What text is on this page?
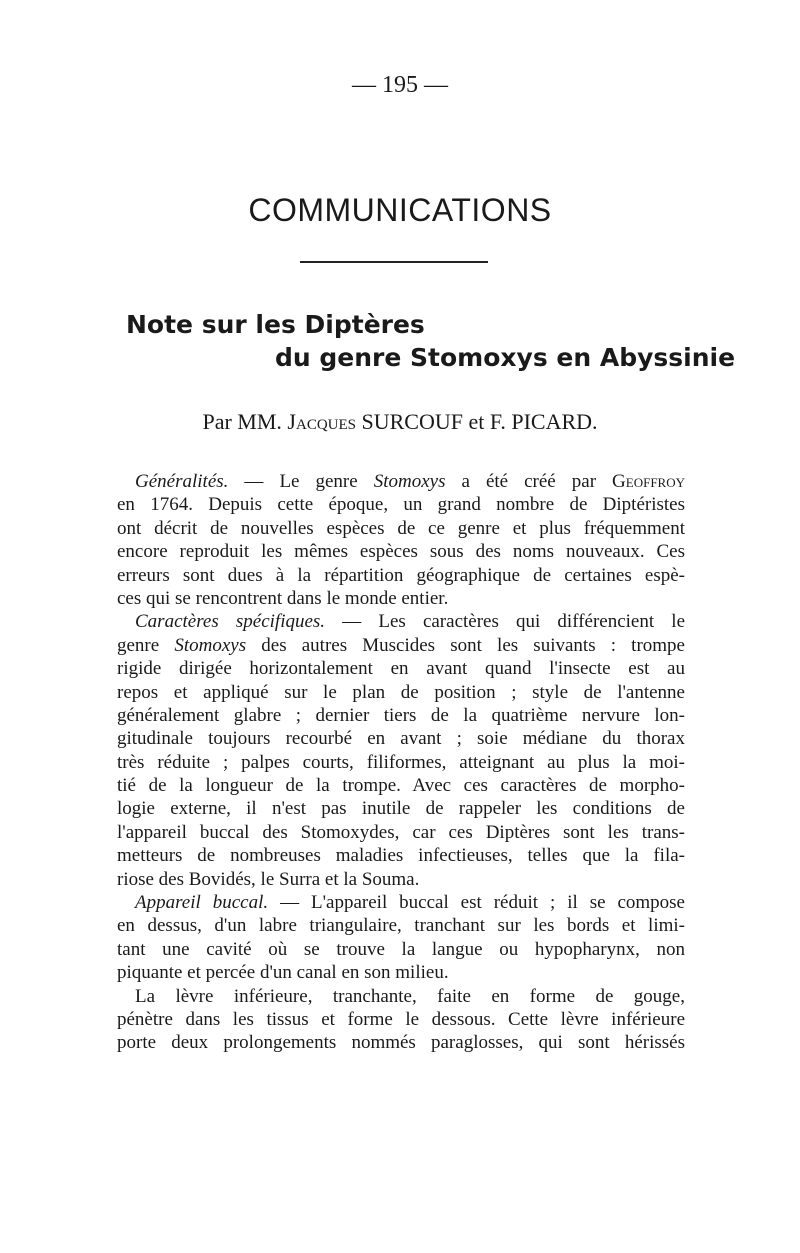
— 195 —
COMMUNICATIONS
Note sur les Diptères
du genre Stomoxys en Abyssinie
Par MM. Jacques SURCOUF et F. PICARD.
Généralités. — Le genre Stomoxys a été créé par Geoffroy
en 1764. Depuis cette époque, un grand nombre de Diptéristes
ont décrit de nouvelles espèces de ce genre et plus fréquemment
encore reproduit les mêmes espèces sous des noms nouveaux. Ces
erreurs sont dues à la répartition géographique de certaines espè-
ces qui se rencontrent dans le monde entier.
Caractères spécifiques. — Les caractères qui différencient le
genre Stomoxys des autres Muscides sont les suivants : trompe
rigide dirigée horizontalement en avant quand l'insecte est au
repos et appliqué sur le plan de position ; style de l'antenne
généralement glabre ; dernier tiers de la quatrième nervure lon-
gitudinale toujours recourbé en avant ; soie médiane du thorax
très réduite ; palpes courts, filiformes, atteignant au plus la moi-
tié de la longueur de la trompe. Avec ces caractères de morpho-
logie externe, il n'est pas inutile de rappeler les conditions de
l'appareil buccal des Stomoxydes, car ces Diptères sont les trans-
metteurs de nombreuses maladies infectieuses, telles que la fila-
riose des Bovidés, le Surra et la Souma.
Appareil buccal. — L'appareil buccal est réduit ; il se compose
en dessus, d'un labre triangulaire, tranchant sur les bords et limi-
tant une cavité où se trouve la langue ou hypopharynx, non
piquante et percée d'un canal en son milieu.
La lèvre inférieure, tranchante, faite en forme de gouge,
pénètre dans les tissus et forme le dessous. Cette lèvre inférieure
porte deux prolongements nommés paraglosses, qui sont hérissés
